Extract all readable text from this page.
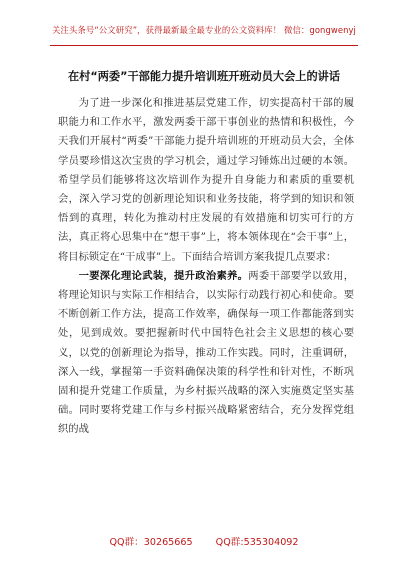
关注头条号“公文研究”，获得最新最全最专业的公文资料库！ 微信：gongwenyj
在村“两委”干部能力提升培训班开班动员大会上的讲话

为了进一步深化和推进基层党建工作，切实提高村干部的履职能力和工作水平，激发两委干部干事创业的热情和积极性，今天我们开展村“两委”干部能力提升培训班的开班动员大会，全体学员要珍惜这次宝贵的学习机会，通过学习锤炼出过硬的本领。希望学员们能够将这次培训作为提升自身能力和素质的重要机会，深入学习党的创新理论知识和业务技能，将学到的知识和领悟到的真理，转化为推动村庄发展的有效措施和切实可行的方法，真正将心思集中在“想干事”上，将本领体现在“会干事”上，将目标锁定在“干成事”上。下面结合培训方案我提几点要求：

一要深化理论武装，提升政治素养。两委干部要学以致用，将理论知识与实际工作相结合，以实际行动践行初心和使命。要不断创新工作方法，提高工作效率，确保每一项工作都能落到实处，见到成效。要把握新时代中国特色社会主义思想的核心要义，以党的创新理论为指导，推动工作实践。同时，注重调研，深入一线，掌握第一手资料确保决策的科学性和针对性，不断巩固和提升党建工作质量，为乡村振兴战略的深入实施奠定坚实基础。同时要将党建工作与乡村振兴战略紧密结合，充分发挥党组织的战

QQ群：30265665 QQ群:535304092
